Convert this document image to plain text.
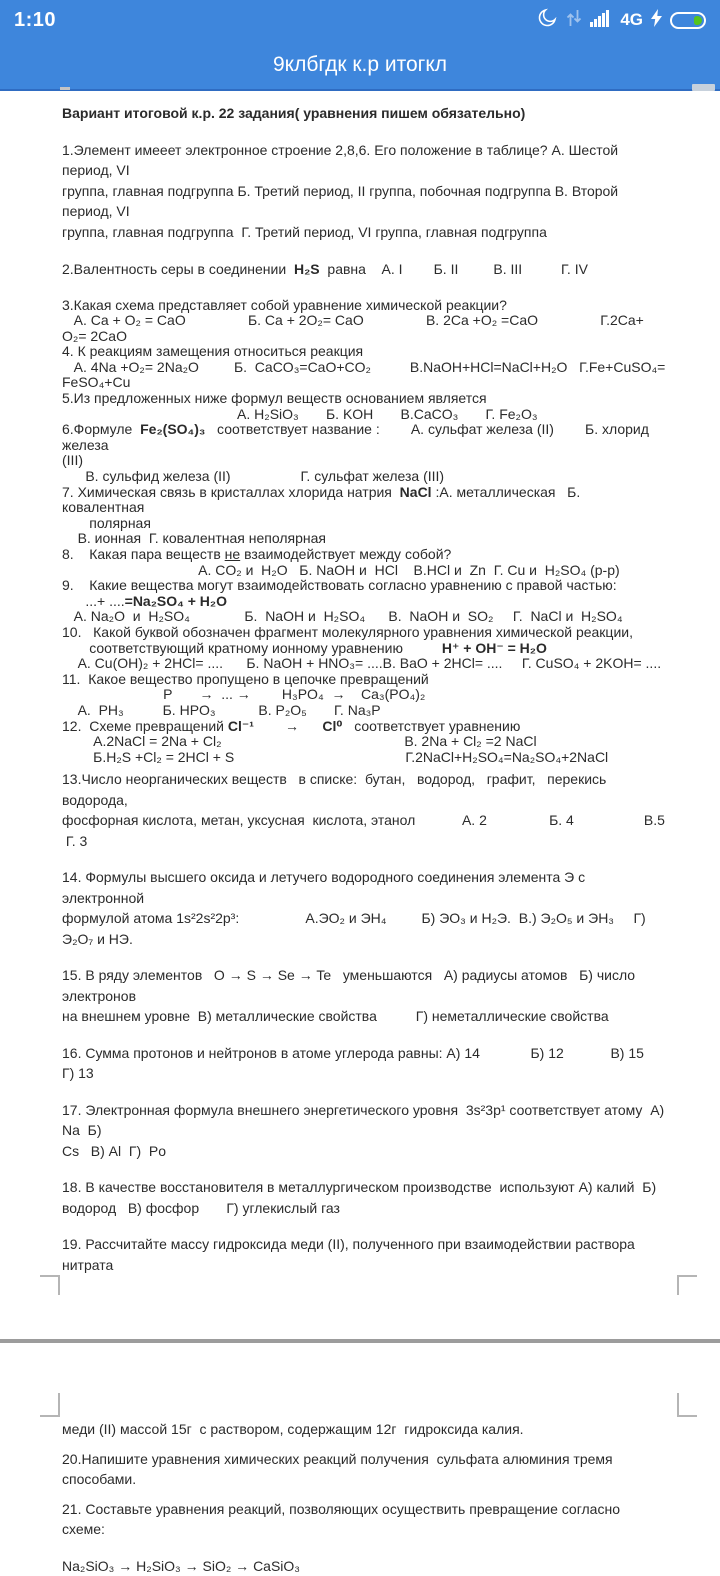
1:10	4G
9клбгдк к.р итогкл
Вариант итоговой к.р. 22 задания( уравнения пишем обязательно)
1.Элемент имееет электронное строение 2,8,6. Его положение в таблице? А. Шестой период, VI
группа, главная подгруппа Б. Третий период, II группа, побочная подгруппа В. Второй период, VI
группа, главная подгруппа  Г. Третий период, VI группа, главная подгруппа
2.Валентность серы в соединении  H₂S  равна    А. I        Б. II         В. III          Г. IV
3.Какая схема представляет собой уравнение химической реакции?
А. Ca + O₂ = CaO                Б. Ca + 2O₂= CaO                В. 2Ca +O₂ =CaO                Г.2Ca+ O₂= 2CaO
4. К реакциям замещения относиться реакция
А. 4Na +O₂= 2Na₂O         Б.  CaCO₃=CaO+CO₂          В.NaOH+HCl=NaCl+H₂O   Г.Fe+CuSO₄= FeSO₄+Cu
5.Из предложенных ниже формул веществ основанием является
А. H₂SiO₃       Б. KOH       В.CaCO₃       Г. Fe₂O₃
6.Формуле  Fe₂(SO₄)₃   соответствует название :        А. сульфат железа (II)        Б. хлорид железа
(III)
В. сульфид железа (II)                  Г. сульфат железа (III)
7. Химическая связь в кристаллах хлорида натрия  NaCl :А. металлическая   Б. ковалентная
полярная
В. ионная  Г. ковалентная неполярная
8.    Какая пара веществ не взаимодействует между собой?
А. CO₂ и  H₂O   Б. NaOH и  HCl    В.HCl и  Zn  Г. Cu и  H₂SO₄ (р-р)
9.    Какие вещества могут взаимодействовать согласно уравнению с правой частью:
...+ ....=Na₂SO₄ + H₂O
А. Na₂O  и  H₂SO₄              Б.  NaOH и  H₂SO₄      В.  NaOH и  SO₂     Г.  NaCl и  H₂SO₄
10.   Какой буквой обозначен фрагмент молекулярного уравнения химической реакции,
соответствующий кратному ионному уравнению          H⁺ + OH⁻ = H₂O
А. Cu(OH)₂ + 2HCl= ....      Б. NaOH + HNO₃= ....В. BaO + 2HCl= ....     Г. CuSO₄ + 2KOH= ....
11.  Какое вещество пропущено в цепочке превращений
P       →  ... →        H₃PO₄  →    Ca₃(PO₄)₂
А.  PH₃          Б. HPO₃           В. P₂O₅       Г. Na₃P
12.  Схеме превращений Cl⁻¹        →      Cl⁰   соответствует уравнению
А.2NaCl = 2Na + Cl₂                                               В. 2Na + Cl₂ =2 NaCl
Б.H₂S +Cl₂ = 2HCl + S                                            Г.2NaCl+H₂SO₄=Na₂SO₄+2NaCl
13.Число неорганических веществ   в списке:  бутан,   водород,   графит,   перекись водорода,
фосфорная кислота, метан, уксусная  кислота, этанол            А. 2                Б. 4                  В.5
Г. 3
14. Формулы высшего оксида и летучего водородного соединения элемента Э с электронной
формулой атома 1s²2s²2p³:                 А.ЭО₂ и ЭН₄         Б) ЭО₃ и Н₂Э.  В.) Э₂О₅ и ЭН₃     Г) Э₂О₇ и НЭ.
15. В ряду элементов   O → S → Se → Te   уменьшаются   А) радиусы атомов   Б) число электронов
на внешнем уровне  В) металлические свойства          Г) неметаллические свойства
16. Сумма протонов и нейтронов в атоме углерода равны: А) 14             Б) 12            В) 15         Г) 13
17. Электронная формула внешнего энергетического уровня  3s²3p¹ соответствует атому  А) Na  Б)
Cs   В) Al  Г)  Po
18. В качестве восстановителя в металлургическом производстве  используют А) калий  Б)
водород   В) фосфор       Г) углекислый газ
19. Рассчитайте массу гидроксида меди (II), полученного при взаимодействии раствора нитрата
меди (II) массой 15г  с раствором, содержащим 12г  гидроксида калия.
20.Напишите уравнения химических реакций получения  сульфата алюминия тремя способами.
21. Составьте уравнения реакций, позволяющих осуществить превращение согласно схеме:
Na₂SiO₃ → H₂SiO₃ → SiO₂ → CaSiO₃
